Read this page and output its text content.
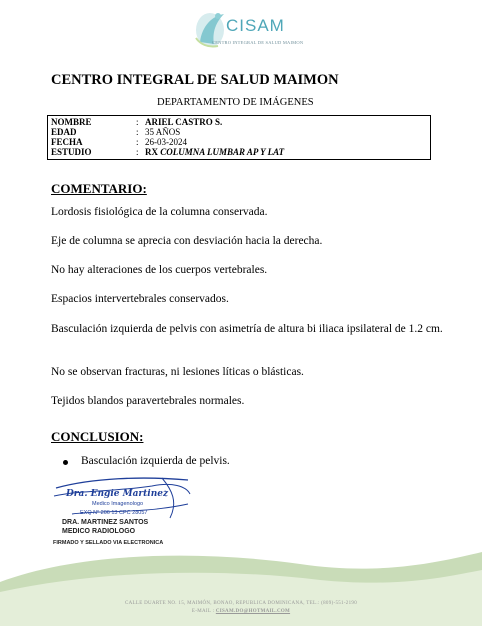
CISAM
CENTRO INTEGRAL DE SALUD MAIMON
CENTRO INTEGRAL DE SALUD MAIMON
DEPARTAMENTO DE IMÁGENES
NOMBRE	: ARIEL CASTRO S.
EDAD	: 35 AÑOS
FECHA	: 26-03-2024
ESTUDIO	: RX COLUMNA LUMBAR AP Y LAT
COMENTARIO:
Lordosis fisiológica de la columna conservada.
Eje de columna se aprecia con desviación hacia la derecha.
No hay alteraciones de los cuerpos vertebrales.
Espacios intervertebrales conservados.
Basculación izquierda de pelvis con asimetría de altura bi iliaca ipsilateral de 1.2 cm.
No se observan fracturas, ni lesiones líticas o blásticas.
Tejidos blandos paravertebrales normales.
CONCLUSION:
Basculación izquierda de pelvis.
Dra. Engie Martinez
Medico Imagenologo
EXQ Nº 206 13 CPC 28057
DRA. MARTINEZ SANTOS
MEDICO RADIOLOGO
FIRMADO Y SELLADO VIA ELECTRONICA
CALLE DUARTE NO. 15, MAIMÓN, BONAO, REPUBLICA DOMINICANA, TEL.: (809)-551-2190
E-MAIL : CISAM.DO@HOTMAIL.COM
